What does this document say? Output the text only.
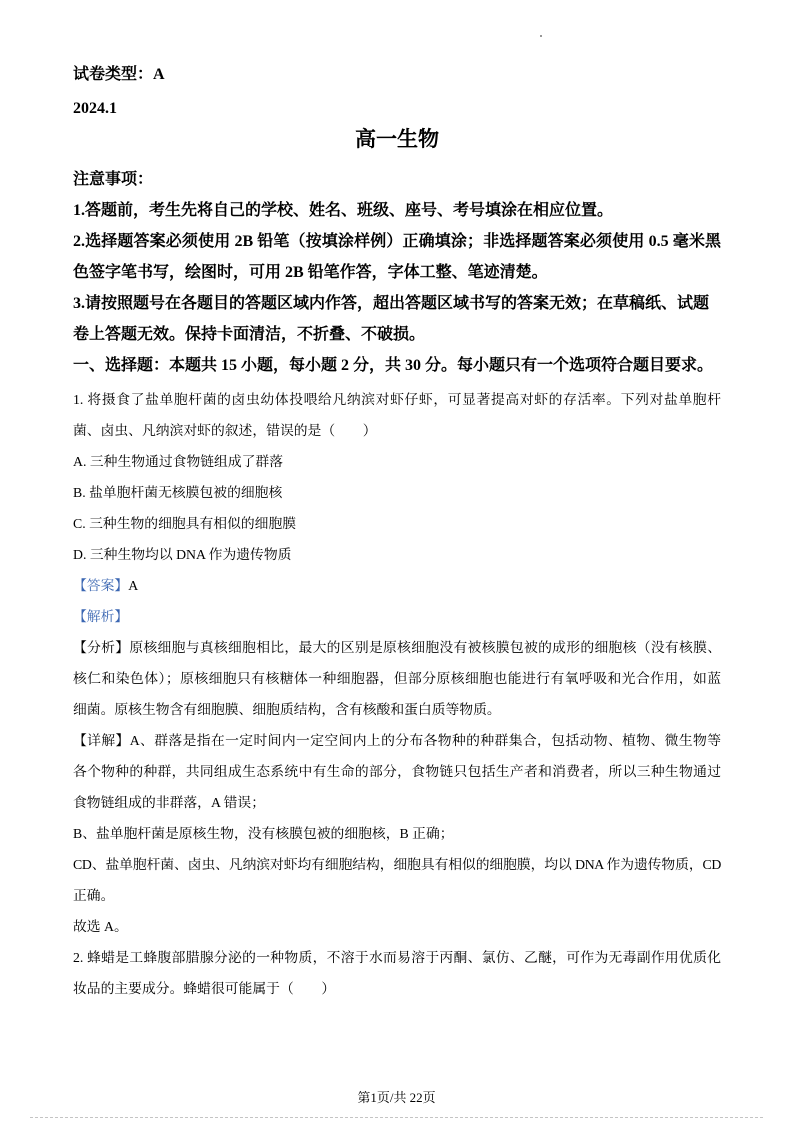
试卷类型：A
2024.1
高一生物
注意事项：
1.答题前，考生先将自己的学校、姓名、班级、座号、考号填涂在相应位置。
2.选择题答案必须使用 2B 铅笔（按填涂样例）正确填涂；非选择题答案必须使用 0.5 毫米黑
色签字笔书写，绘图时，可用 2B 铅笔作答，字体工整、笔迹清楚。
3.请按照题号在各题目的答题区域内作答，超出答题区域书写的答案无效；在草稿纸、试题
卷上答题无效。保持卡面清洁，不折叠、不破损。
一、选择题：本题共 15 小题，每小题 2 分，共 30 分。每小题只有一个选项符合题目要求。
1. 将摄食了盐单胞杆菌的卤虫幼体投喂给凡纳滨对虾仔虾，可显著提高对虾的存活率。下列对盐单胞杆
菌、卤虫、凡纳滨对虾的叙述，错误的是（　　）
A. 三种生物通过食物链组成了群落
B. 盐单胞杆菌无核膜包被的细胞核
C. 三种生物的细胞具有相似的细胞膜
D. 三种生物均以 DNA 作为遗传物质
【答案】A
【解析】
【分析】原核细胞与真核细胞相比，最大的区别是原核细胞没有被核膜包被的成形的细胞核（没有核膜、
核仁和染色体）；原核细胞只有核糖体一种细胞器，但部分原核细胞也能进行有氧呼吸和光合作用，如蓝
细菌。原核生物含有细胞膜、细胞质结构，含有核酸和蛋白质等物质。
【详解】A、群落是指在一定时间内一定空间内上的分布各物种的种群集合，包括动物、植物、微生物等
各个物种的种群，共同组成生态系统中有生命的部分，食物链只包括生产者和消费者，所以三种生物通过
食物链组成的非群落，A 错误；
B、盐单胞杆菌是原核生物，没有核膜包被的细胞核，B 正确；
CD、盐单胞杆菌、卤虫、凡纳滨对虾均有细胞结构，细胞具有相似的细胞膜，均以 DNA 作为遗传物质，CD
正确。
故选 A。
2. 蜂蜡是工蜂腹部腊腺分泌的一种物质，不溶于水而易溶于丙酮、氯仿、乙醚，可作为无毒副作用优质化
妆品的主要成分。蜂蜡很可能属于（　　）
第1页/共 22页
